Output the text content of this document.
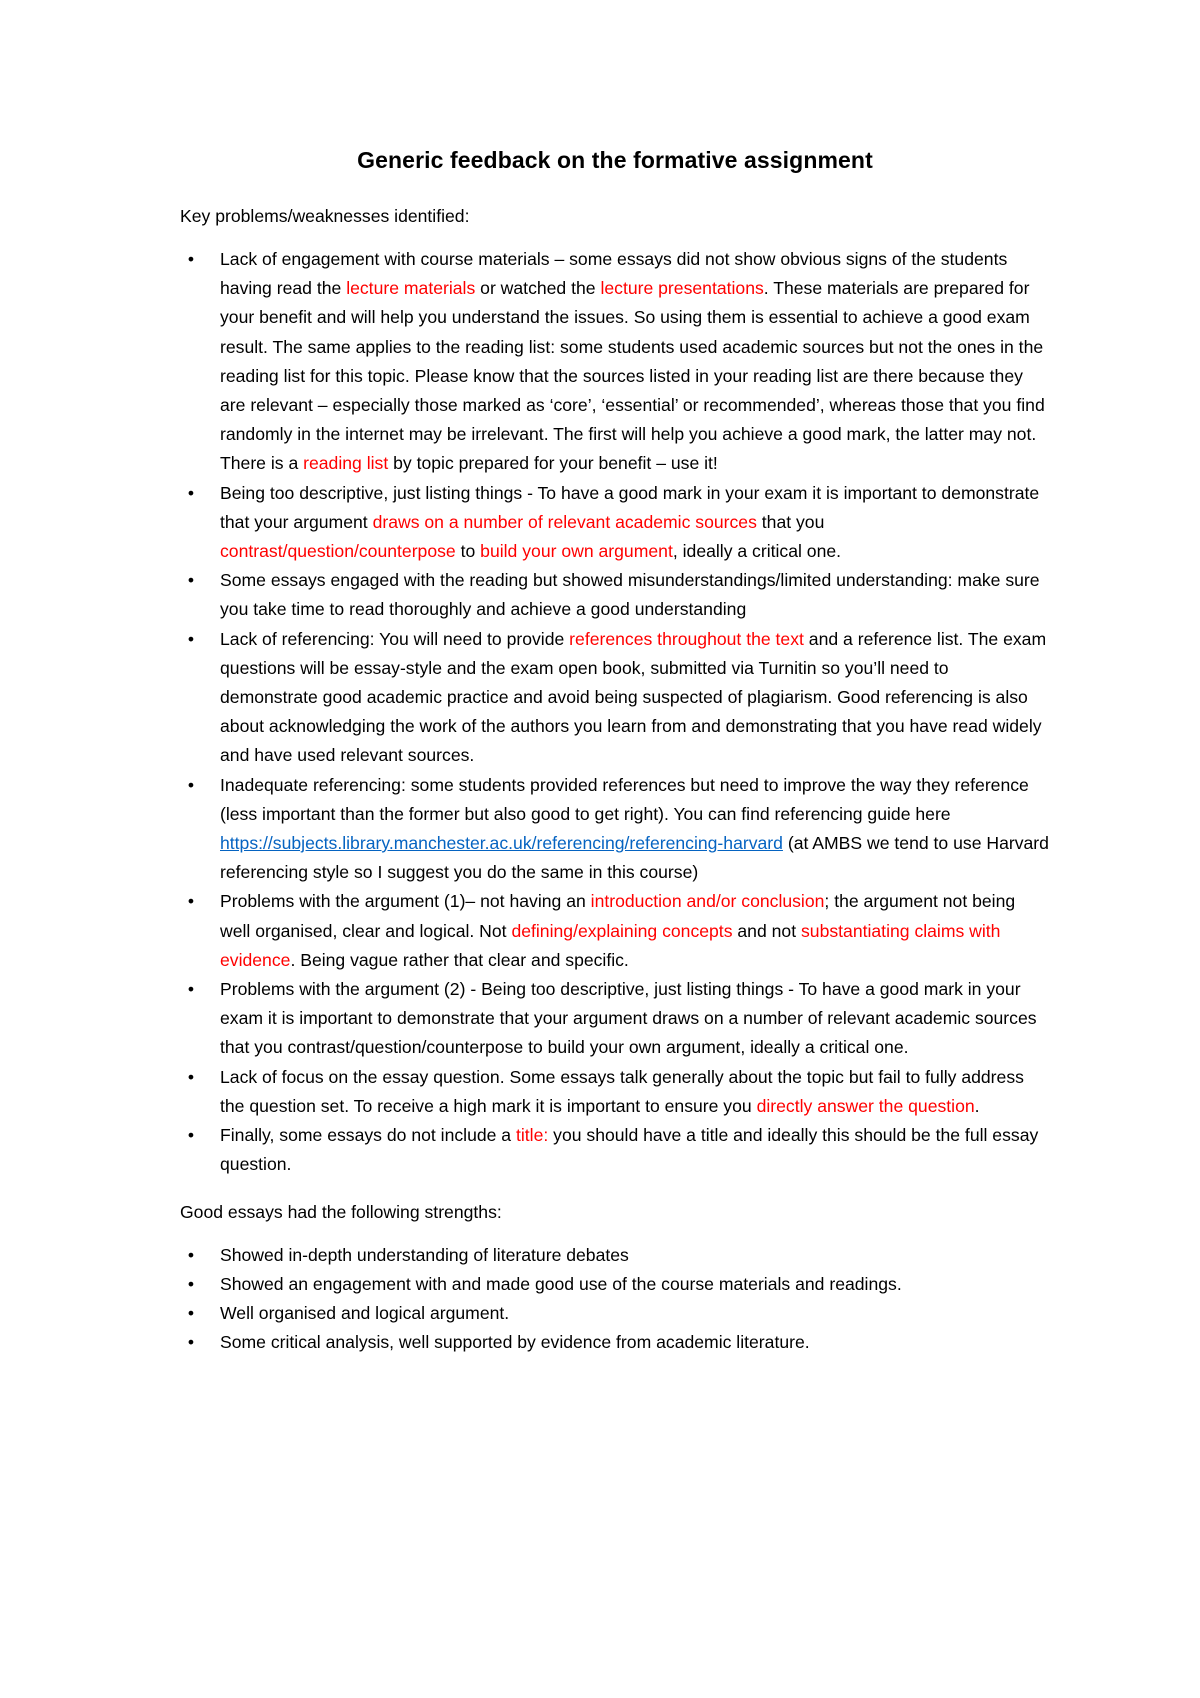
Generic feedback on the formative assignment
Key problems/weaknesses identified:
• Lack of engagement with course materials – some essays did not show obvious signs of the students having read the lecture materials or watched the lecture presentations. These materials are prepared for your benefit and will help you understand the issues. So using them is essential to achieve a good exam result. The same applies to the reading list: some students used academic sources but not the ones in the reading list for this topic. Please know that the sources listed in your reading list are there because they are relevant – especially those marked as ‘core’, ‘essential’ or recommended’, whereas those that you find randomly in the internet may be irrelevant. The first will help you achieve a good mark, the latter may not. There is a reading list by topic prepared for your benefit – use it!
• Being too descriptive, just listing things - To have a good mark in your exam it is important to demonstrate that your argument draws on a number of relevant academic sources that you contrast/question/counterpose to build your own argument, ideally a critical one.
• Some essays engaged with the reading but showed misunderstandings/limited understanding: make sure you take time to read thoroughly and achieve a good understanding
• Lack of referencing: You will need to provide references throughout the text and a reference list. The exam questions will be essay-style and the exam open book, submitted via Turnitin so you’ll need to demonstrate good academic practice and avoid being suspected of plagiarism. Good referencing is also about acknowledging the work of the authors you learn from and demonstrating that you have read widely and have used relevant sources.
• Inadequate referencing: some students provided references but need to improve the way they reference (less important than the former but also good to get right). You can find referencing guide here https://subjects.library.manchester.ac.uk/referencing/referencing-harvard (at AMBS we tend to use Harvard referencing style so I suggest you do the same in this course)
• Problems with the argument (1)– not having an introduction and/or conclusion; the argument not being well organised, clear and logical. Not defining/explaining concepts and not substantiating claims with evidence. Being vague rather that clear and specific.
• Problems with the argument (2) - Being too descriptive, just listing things - To have a good mark in your exam it is important to demonstrate that your argument draws on a number of relevant academic sources that you contrast/question/counterpose to build your own argument, ideally a critical one.
• Lack of focus on the essay question. Some essays talk generally about the topic but fail to fully address the question set. To receive a high mark it is important to ensure you directly answer the question.
• Finally, some essays do not include a title: you should have a title and ideally this should be the full essay question.
Good essays had the following strengths:
• Showed in-depth understanding of literature debates
• Showed an engagement with and made good use of the course materials and readings.
• Well organised and logical argument.
• Some critical analysis, well supported by evidence from academic literature.
